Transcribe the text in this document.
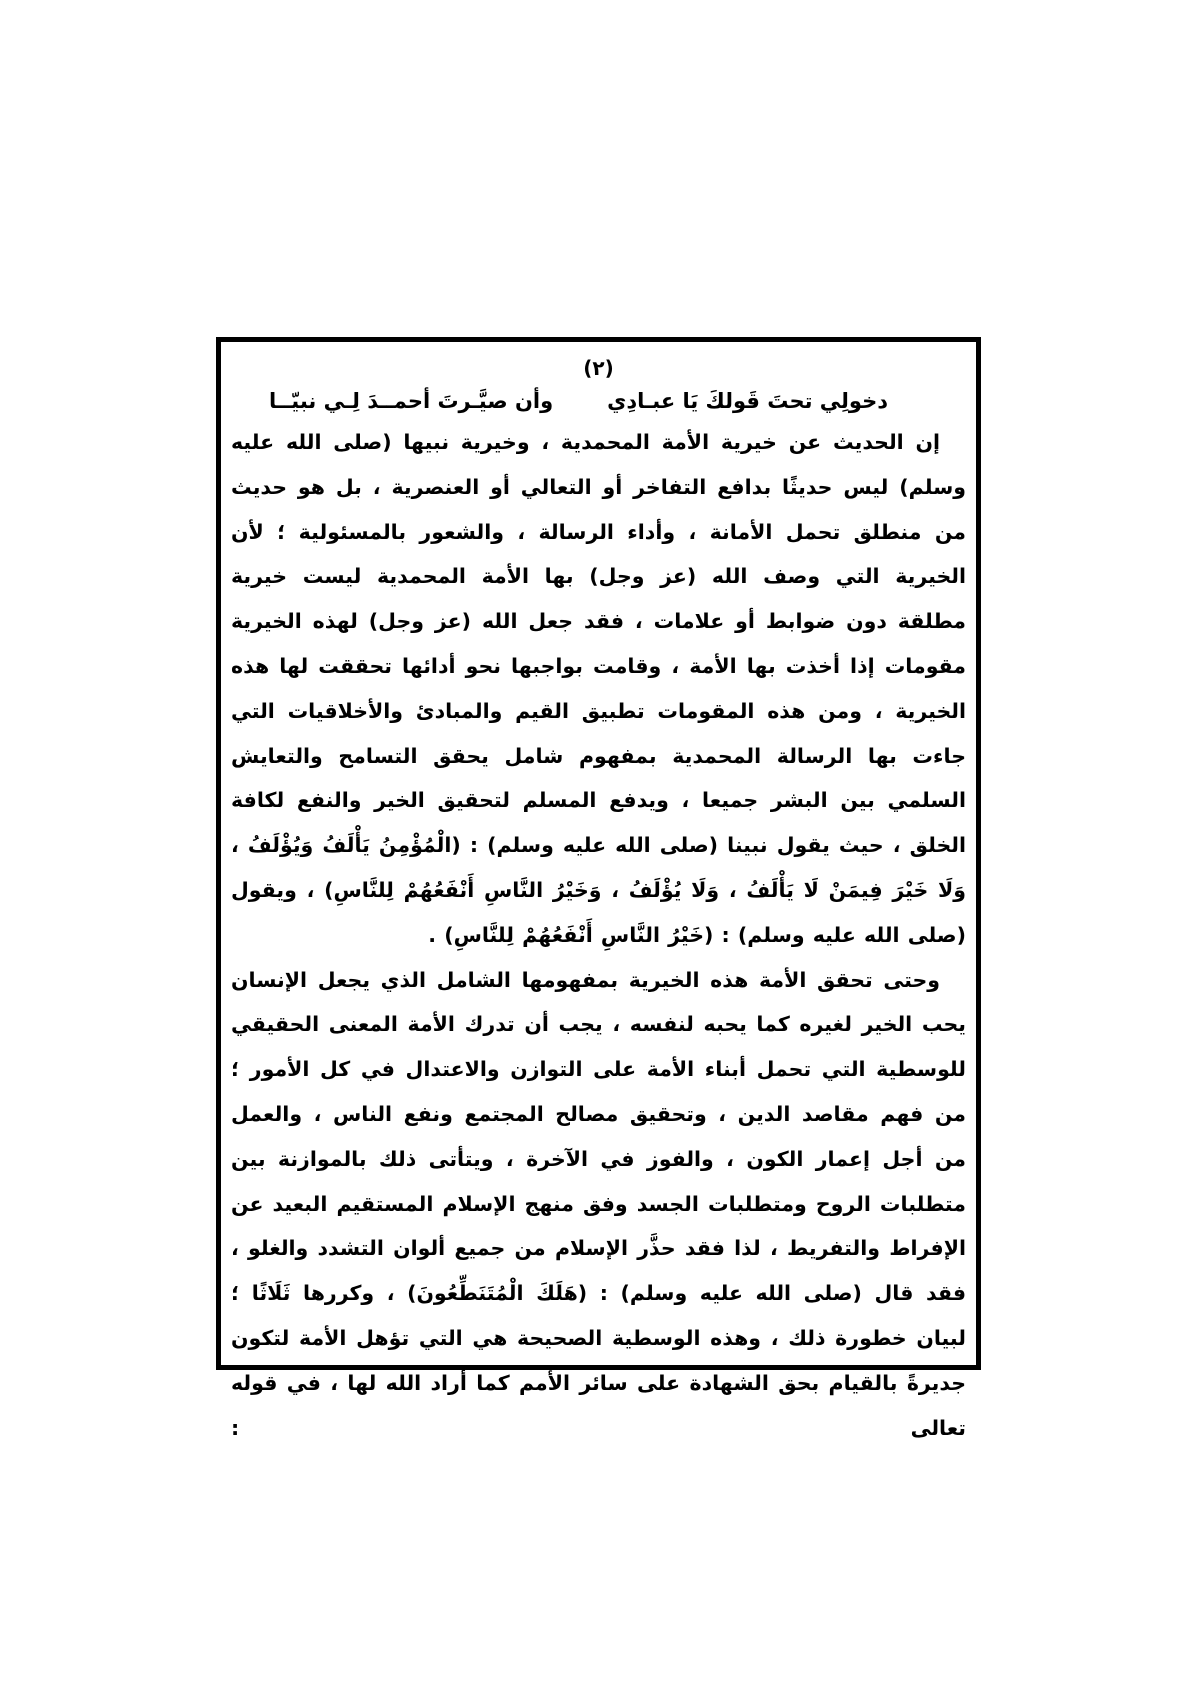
(٢)

دخولِي تحتَ قَولكَ يَا عبـادِي
وأن صيَّـرتَ أحمــدَ لِـي نبيّــا

إن الحديث عن خيرية الأمة المحمدية ، وخيرية نبيها (صلى الله عليه وسلم) ليس حديثًا بدافع التفاخر أو التعالي أو العنصرية ، بل هو حديث من منطلق تحمل الأمانة ، وأداء الرسالة ، والشعور بالمسئولية ؛ لأن الخيرية التي وصف الله (عز وجل) بها الأمة المحمدية ليست خيرية مطلقة دون ضوابط أو علامات ، فقد جعل الله (عز وجل) لهذه الخيرية مقومات إذا أخذت بها الأمة ، وقامت بواجبها نحو أدائها تحققت لها هذه الخيرية ، ومن هذه المقومات تطبيق القيم والمبادئ والأخلاقيات التي جاءت بها الرسالة المحمدية بمفهوم شامل يحقق التسامح والتعايش السلمي بين البشر جميعا ، ويدفع المسلم لتحقيق الخير والنفع لكافة الخلق ، حيث يقول نبينا (صلى الله عليه وسلم) : (الْمُؤْمِنُ يَأْلَفُ وَيُؤْلَفُ ، وَلَا خَيْرَ فِيمَنْ لَا يَأْلَفُ ، وَلَا يُؤْلَفُ ، وَخَيْرُ النَّاسِ أَنْفَعُهُمْ لِلنَّاسِ) ، ويقول (صلى الله عليه وسلم) : (خَيْرُ النَّاسِ أَنْفَعُهُمْ لِلنَّاسِ) .

وحتى تحقق الأمة هذه الخيرية بمفهومها الشامل الذي يجعل الإنسان يحب الخير لغيره كما يحبه لنفسه ، يجب أن تدرك الأمة المعنى الحقيقي للوسطية التي تحمل أبناء الأمة على التوازن والاعتدال في كل الأمور ؛ من فهم مقاصد الدين ، وتحقيق مصالح المجتمع ونفع الناس ، والعمل من أجل إعمار الكون ، والفوز في الآخرة ، ويتأتى ذلك بالموازنة بين متطلبات الروح ومتطلبات الجسد وفق منهج الإسلام المستقيم البعيد عن الإفراط والتفريط ، لذا فقد حذَّر الإسلام من جميع ألوان التشدد والغلو ، فقد قال (صلى الله عليه وسلم) : (هَلَكَ الْمُتَنَطِّعُونَ) ، وكررها ثَلَاثًا ؛ لبيان خطورة ذلك ، وهذه الوسطية الصحيحة هي التي تؤهل الأمة لتكون جديرةً بالقيام بحق الشهادة على سائر الأمم كما أراد الله لها ، في قوله تعالى :
